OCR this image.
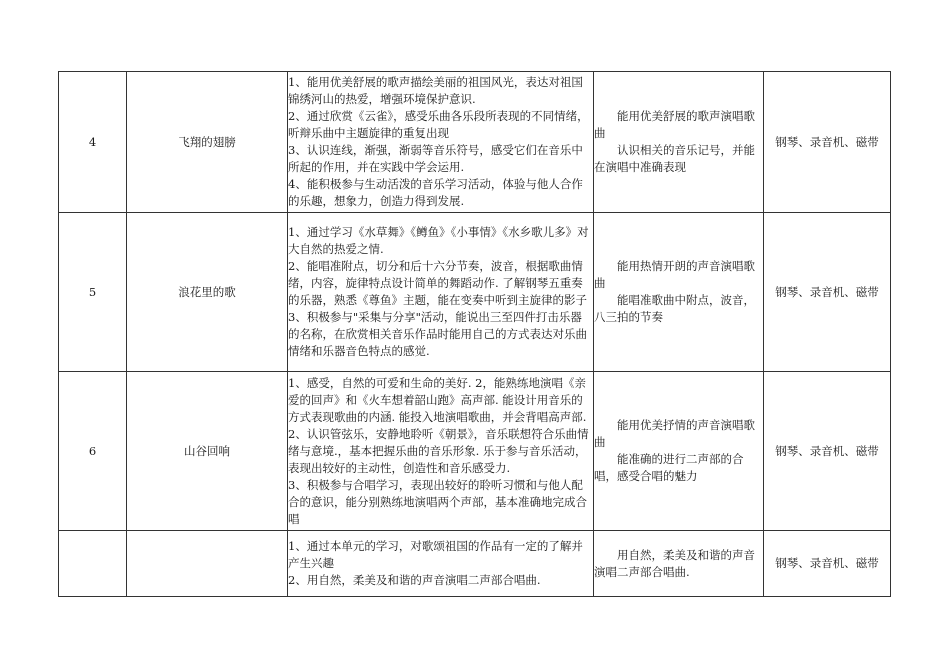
4	飞翔的翅膀	1、能用优美舒展的歌声描绘美丽的祖国风光，表达对祖国锦绣河山的热爱，增强环境保护意识.
2、通过欣赏《云雀》，感受乐曲各乐段所表现的不同情绪，听辩乐曲中主题旋律的重复出现
3、认识连线，渐强，渐弱等音乐符号，感受它们在音乐中所起的作用，并在实践中学会运用.
4、能积极参与生动活泼的音乐学习活动，体验与他人合作的乐趣，想象力，创造力得到发展.	能用优美舒展的歌声演唱歌曲
认识相关的音乐记号，并能在演唱中准确表现	钢琴、录音机、磁带
5	浪花里的歌	1、通过学习《水草舞》《鳟鱼》《小事情》《水乡歌儿多》对大自然的热爱之情.
2、能唱准附点，切分和后十六分节奏，波音，根据歌曲情绪，内容，旋律特点设计简单的舞蹈动作. 了解钢琴五重奏的乐器，熟悉《尊鱼》主题，能在变奏中听到主旋律的影子
3、积极参与"采集与分享"活动，能说出三至四件打击乐器的名称，在欣赏相关音乐作品时能用自己的方式表达对乐曲情绪和乐器音色特点的感觉.	能用热情开朗的声音演唱歌曲
能唱准歌曲中附点，波音，八三拍的节奏	钢琴、录音机、磁带
6	山谷回响	1、感受，自然的可爱和生命的美好. 2，能熟练地演唱《亲爱的回声》和《火车想着韶山跑》高声部. 能设计用音乐的方式表现歌曲的内涵. 能投入地演唱歌曲，并会背唱高声部.
2、认识管弦乐，安静地聆听《朝景》，音乐联想符合乐曲情绪与意境.，基本把握乐曲的音乐形象. 乐于参与音乐活动，表现出较好的主动性，创造性和音乐感受力.
3、积极参与合唱学习，表现出较好的聆听习惯和与他人配合的意识，能分别熟练地演唱两个声部，基本准确地完成合唱	能用优美抒情的声音演唱歌曲
能准确的进行二声部的合唱，感受合唱的魅力	钢琴、录音机、磁带

		1、通过本单元的学习，对歌颂祖国的作品有一定的了解并产生兴趣
2、用自然，柔美及和谐的声音演唱二声部合唱曲.	用自然，柔美及和谐的声音演唱二声部合唱曲.	钢琴、录音机、磁带
